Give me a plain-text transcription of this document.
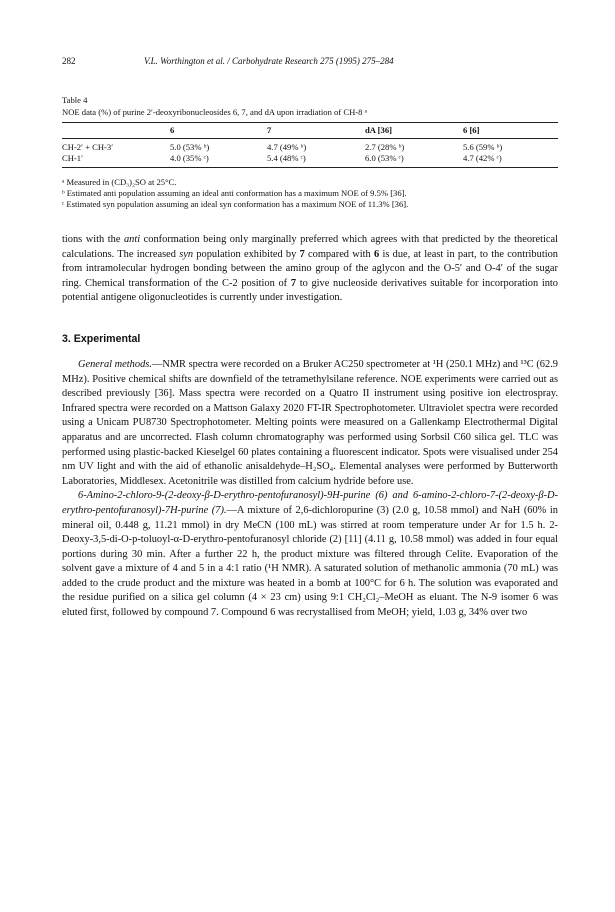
282	V.L. Worthington et al. / Carbohydrate Research 275 (1995) 275–284
Table 4
NOE data (%) of purine 2′-deoxyribonucleosides 6, 7, and dA upon irradiation of CH-8 ᵃ
	6	7	dA [36]	6 [6]
CH-2′ + CH-3′	5.0 (53% ᵇ)	4.7 (49% ᵇ)	2.7 (28% ᵇ)	5.6 (59% ᵇ)
CH-1′	4.0 (35% ᶜ)	5.4 (48% ᶜ)	6.0 (53% ᶜ)	4.7 (42% ᶜ)
ᵃ Measured in (CD₃)₂SO at 25°C.
ᵇ Estimated anti population assuming an ideal anti conformation has a maximum NOE of 9.5% [36].
ᶜ Estimated syn population assuming an ideal syn conformation has a maximum NOE of 11.3% [36].

tions with the anti conformation being only marginally preferred which agrees with that predicted by the theoretical calculations. The increased syn population exhibited by 7 compared with 6 is due, at least in part, to the contribution from intramolecular hydrogen bonding between the amino group of the aglycon and the O-5′ and O-4′ of the sugar ring. Chemical transformation of the C-2 position of 7 to give nucleoside derivatives suitable for incorporation into potential antigene oligonucleotides is currently under investigation.

3. Experimental

General methods.—NMR spectra were recorded on a Bruker AC250 spectrometer at ¹H (250.1 MHz) and ¹³C (62.9 MHz). Positive chemical shifts are downfield of the tetramethylsilane reference. NOE experiments were carried out as described previously [36]. Mass spectra were recorded on a Quatro II instrument using positive ion electrospray. Infrared spectra were recorded on a Mattson Galaxy 2020 FT-IR Spectrophotometer. Ultraviolet spectra were recorded using a Unicam PU8730 Spectrophotometer. Melting points were measured on a Gallenkamp Electrothermal Digital apparatus and are uncorrected. Flash column chromatography was performed using Sorbsil C60 silica gel. TLC was performed using plastic-backed Kieselgel 60 plates containing a fluorescent indicator. Spots were visualised under 254 nm UV light and with the aid of ethanolic anisaldehyde–H₂SO₄. Elemental analyses were performed by Butterworth Laboratories, Middlesex. Acetonitrile was distilled from calcium hydride before use.

6-Amino-2-chloro-9-(2-deoxy-β-D-erythro-pentofuranosyl)-9H-purine (6) and 6-amino-2-chloro-7-(2-deoxy-β-D-erythro-pentofuranosyl)-7H-purine (7).—A mixture of 2,6-dichloropurine (3) (2.0 g, 10.58 mmol) and NaH (60% in mineral oil, 0.448 g, 11.21 mmol) in dry MeCN (100 mL) was stirred at room temperature under Ar for 1.5 h. 2-Deoxy-3,5-di-O-p-toluoyl-α-D-erythro-pentofuranosyl chloride (2) [11] (4.11 g, 10.58 mmol) was added in four equal portions during 30 min. After a further 22 h, the product mixture was filtered through Celite. Evaporation of the solvent gave a mixture of 4 and 5 in a 4:1 ratio (¹H NMR). A saturated solution of methanolic ammonia (70 mL) was added to the crude product and the mixture was heated in a bomb at 100°C for 6 h. The solution was evaporated and the residue purified on a silica gel column (4 × 23 cm) using 9:1 CH₂Cl₂–MeOH as eluant. The N-9 isomer 6 was eluted first, followed by compound 7. Compound 6 was recrystallised from MeOH; yield, 1.03 g, 34% over two
